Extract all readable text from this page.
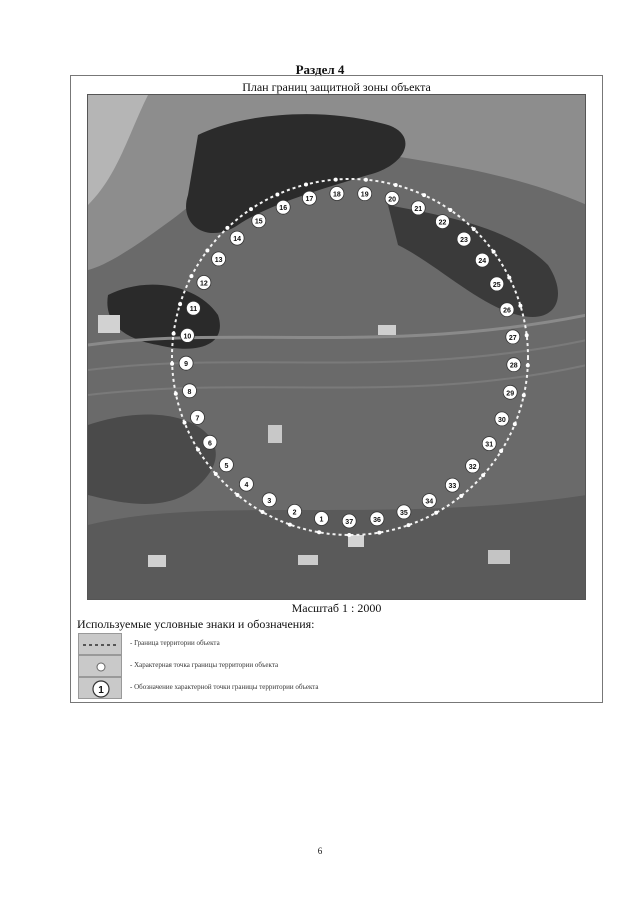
Раздел 4
План границ защитной зоны объекта
1
2
3
4
5
6
7
8
9
10
11
12
13
14
15
16
17
18	19
20
21
22
23
24
25
26
27
28
29
30
31
32
33
34
35
36
37
Масштаб 1 : 2000
Используемые условные знаки и обозначения:
- Граница территории объекта
- Характерная точка границы территории объекта
1	- Обозначение характерной точки границы территории объекта
6
